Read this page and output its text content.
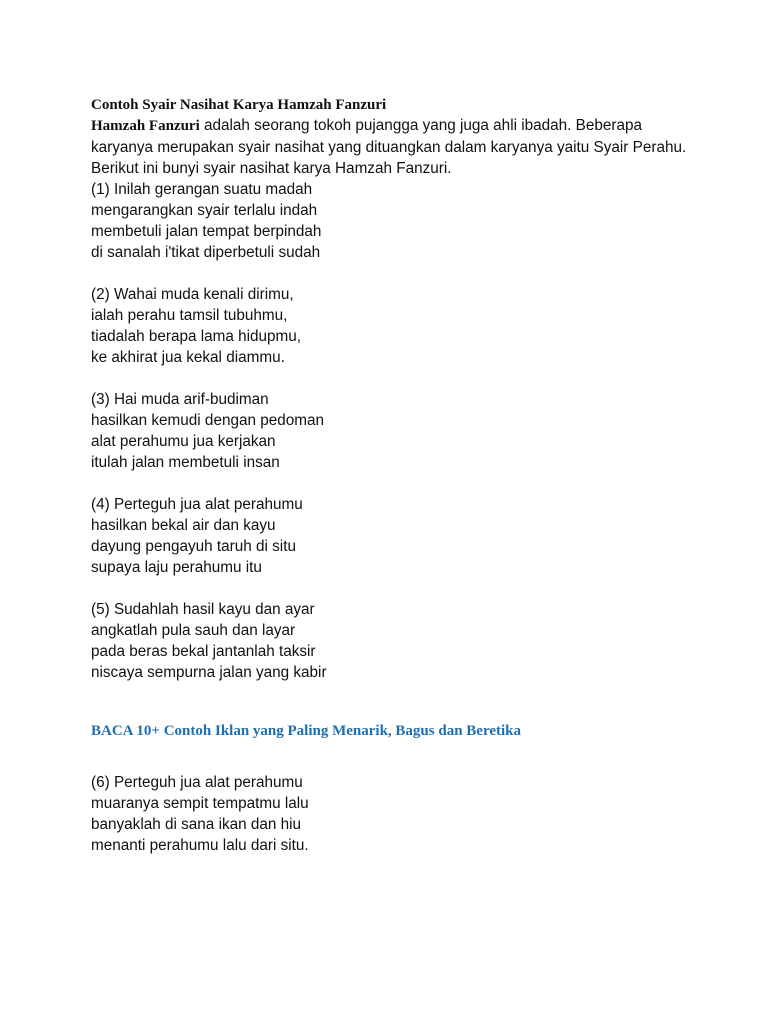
Contoh Syair Nasihat Karya Hamzah Fanzuri

Hamzah Fanzuri adalah seorang tokoh pujangga yang juga ahli ibadah. Beberapa karyanya merupakan syair nasihat yang dituangkan dalam karyanya yaitu Syair Perahu. Berikut ini bunyi syair nasihat karya Hamzah Fanzuri.

(1) Inilah gerangan suatu madah
mengarangkan syair terlalu indah
membetuli jalan tempat berpindah
di sanalah i'tikat diperbetuli sudah
(2) Wahai muda kenali dirimu,
ialah perahu tamsil tubuhmu,
tiadalah berapa lama hidupmu,
ke akhirat jua kekal diammu.
(3) Hai muda arif-budiman
hasilkan kemudi dengan pedoman
alat perahumu jua kerjakan
itulah jalan membetuli insan
(4) Perteguh jua alat perahumu
hasilkan bekal air dan kayu
dayung pengayuh taruh di situ
supaya laju perahumu itu
(5) Sudahlah hasil kayu dan ayar
angkatlah pula sauh dan layar
pada beras bekal jantanlah taksir
niscaya sempurna jalan yang kabir
BACA 10+ Contoh Iklan yang Paling Menarik, Bagus dan Beretika
(6) Perteguh jua alat perahumu
muaranya sempit tempatmu lalu
banyaklah di sana ikan dan hiu
menanti perahumu lalu dari situ.
